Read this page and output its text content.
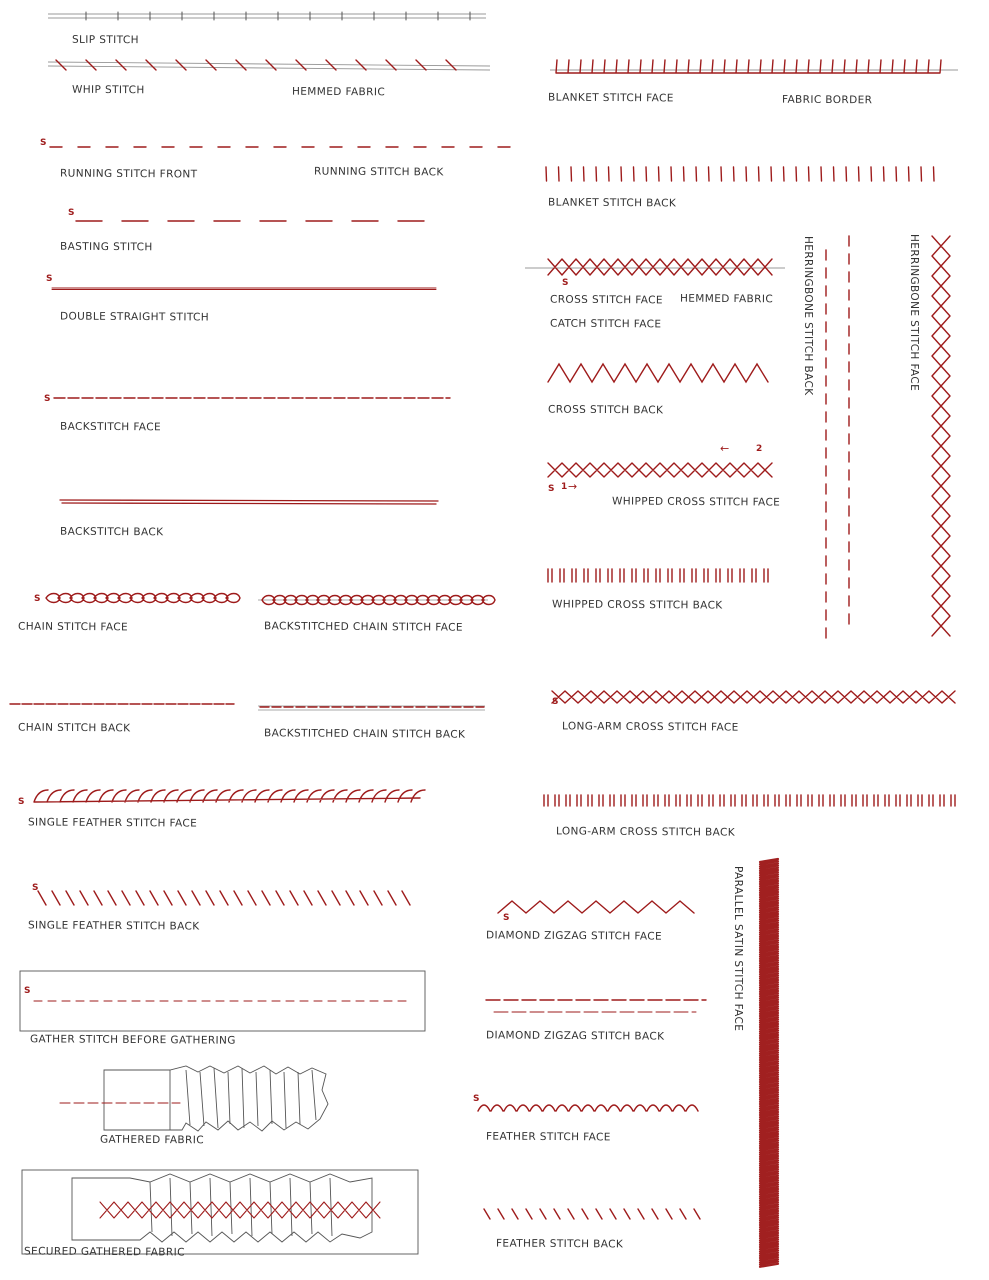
SLIP STITCH
WHIP STITCH	HEMMED FABRIC
RUNNING STITCH FRONT	RUNNING STITCH BACK
BASTING STITCH
DOUBLE STRAIGHT STITCH
BACKSTITCH FACE
BACKSTITCH BACK
CHAIN STITCH FACE	BACKSTITCHED CHAIN STITCH FACE
CHAIN STITCH BACK	BACKSTITCHED CHAIN STITCH BACK
SINGLE FEATHER STITCH FACE
SINGLE FEATHER STITCH BACK
GATHER STITCH BEFORE GATHERING
GATHERED FABRIC
SECURED GATHERED FABRIC
BLANKET STITCH FACE	FABRIC BORDER
BLANKET STITCH BACK
CROSS STITCH FACE HEMMED FABRIC
CATCH STITCH FACE
CROSS STITCH BACK
WHIPPED CROSS STITCH FACE
WHIPPED CROSS STITCH BACK
LONG-ARM CROSS STITCH FACE
LONG-ARM CROSS STITCH BACK
DIAMOND ZIGZAG STITCH FACE
DIAMOND ZIGZAG STITCH BACK
FEATHER STITCH FACE
FEATHER STITCH BACK
HERRINGBONE STITCH BACK	HERRINGBONE STITCH FACE
PARALLEL SATIN STITCH FACE
S
S
S
S
S
S
S
S
S
S 1 →
←	2
S
S
S
